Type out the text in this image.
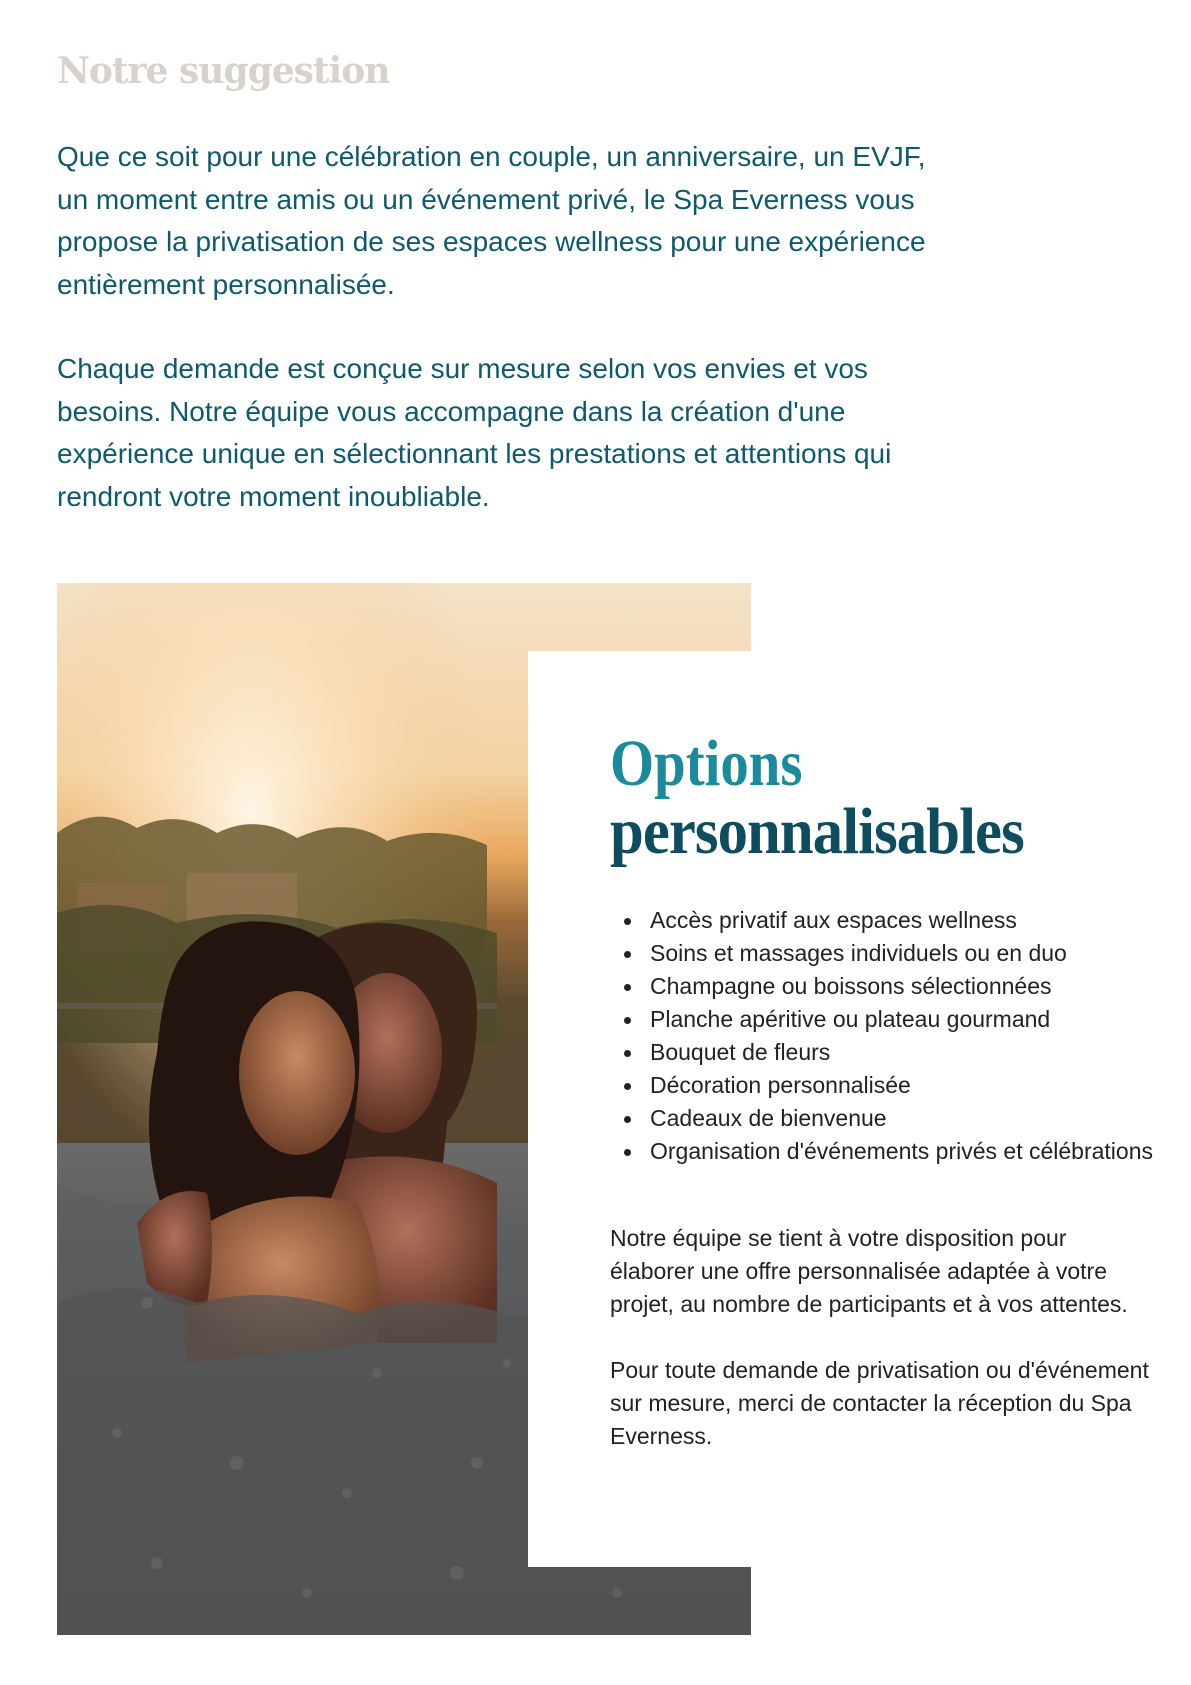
Notre suggestion

Que ce soit pour une célébration en couple, un anniversaire, un EVJF, un moment entre amis ou un événement privé, le Spa Everness vous propose la privatisation de ses espaces wellness pour une expérience entièrement personnalisée.

Chaque demande est conçue sur mesure selon vos envies et vos besoins. Notre équipe vous accompagne dans la création d'une expérience unique en sélectionnant les prestations et attentions qui rendront votre moment inoubliable.

Options
personnalisables
Accès privatif aux espaces wellness
Soins et massages individuels ou en duo
Champagne ou boissons sélectionnées
Planche apéritive ou plateau gourmand
Bouquet de fleurs
Décoration personnalisée
Cadeaux de bienvenue
Organisation d'événements privés et célébrations

Notre équipe se tient à votre disposition pour élaborer une offre personnalisée adaptée à votre projet, au nombre de participants et à vos attentes.

Pour toute demande de privatisation ou d'événement sur mesure, merci de contacter la réception du Spa Everness.
